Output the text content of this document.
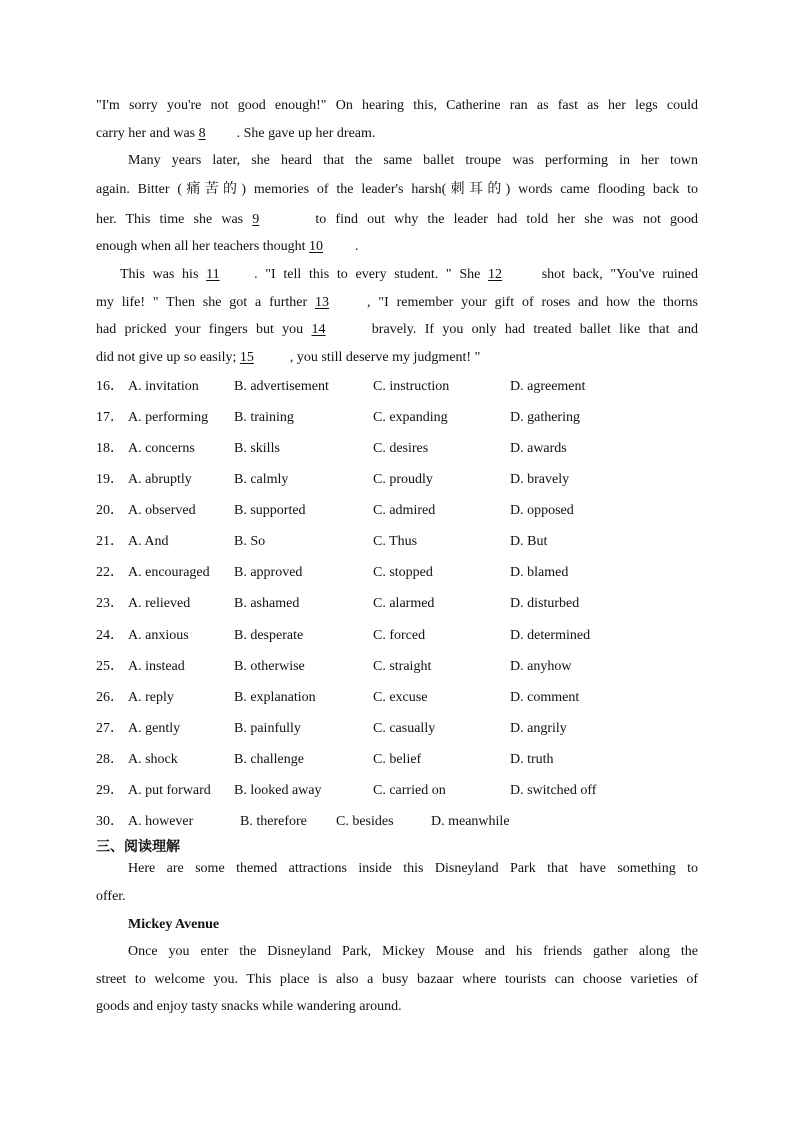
"I'm sorry you're not good enough!" On hearing this, Catherine ran as fast as her legs could
carry her and was 8 . She gave up her dream.
Many years later, she heard that the same ballet troupe was performing in her town
again. Bitter (痛苦的) memories of the leader's harsh(刺耳的) words came flooding back to
her. This time she was 9	to find out why the leader had told her she was not good
enough when all her teachers thought 10 .
This was his 11 . "I tell this to every student. " She 12 shot back, "You've ruined
my life! " Then she got a further 13	, "I remember your gift of roses and how the thorns
had pricked your fingers but you 14	bravely. If you only had treated ballet like that and
did not give up so easily; 15	, you still deserve my judgment! "
16． A. invitation	B. advertisement	C. instruction	D. agreement
17． A. performing B. training	C. expanding	D. gathering
18． A. concerns	B. skills	C. desires	D. awards
19． A. abruptly	B. calmly	C. proudly	D. bravely
20． A. observed	B. supported	C. admired	D. opposed
21． A. And	B. So	C. Thus	D. But
22． A. encouraged B. approved	C. stopped	D. blamed
23． A. relieved	B. ashamed	C. alarmed	D. disturbed
24． A. anxious	B. desperate	C. forced	D. determined
25． A. instead	B. otherwise	C. straight	D. anyhow
26． A. reply	B. explanation	C. excuse	D. comment
27． A. gently	B. painfully	C. casually	D. angrily
28． A. shock	B. challenge	C. belief	D. truth
29． A. put forward B. looked away	C. carried on	D. switched off
30． A. however	B. therefore C. besides	D. meanwhile
三、阅读理解
Here are some themed attractions inside this Disneyland Park that have something to
offer.
Mickey Avenue
Once you enter the Disneyland Park, Mickey Mouse and his friends gather along the
street to welcome you. This place is also a busy bazaar where tourists can choose varieties of
goods and enjoy tasty snacks while wandering around.
